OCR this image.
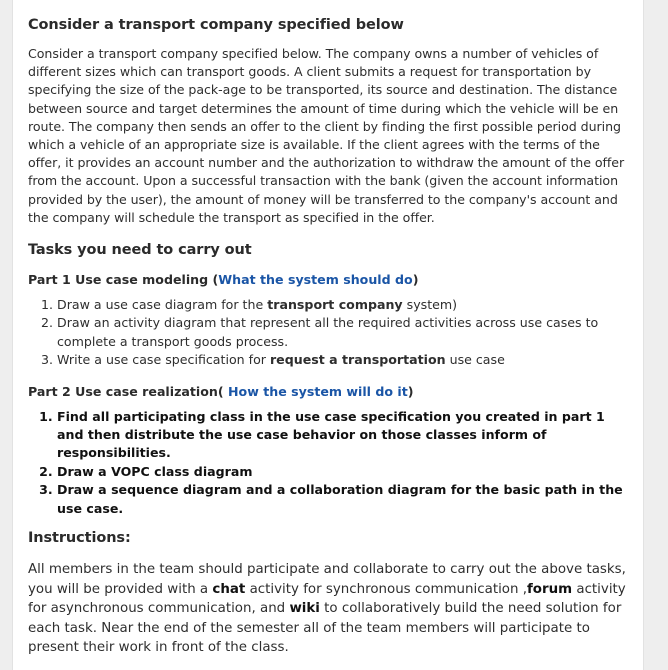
Consider a transport company specified below

Consider a transport company specified below. The company owns a number of vehicles of different sizes which can transport goods. A client submits a request for transportation by specifying the size of the pack-age to be transported, its source and destination. The distance between source and target determines the amount of time during which the vehicle will be en route. The company then sends an offer to the client by finding the first possible period during which a vehicle of an appropriate size is available. If the client agrees with the terms of the offer, it provides an account number and the authorization to withdraw the amount of the offer from the account. Upon a successful transaction with the bank (given the account information provided by the user), the amount of money will be transferred to the company's account and the company will schedule the transport as specified in the offer.

Tasks you need to carry out

Part 1 Use case modeling (What the system should do)

1. Draw a use case diagram for the transport company system)
2. Draw an activity diagram that represent all the required activities across use cases to complete a transport goods process.
3. Write a use case specification for request a transportation use case

Part 2 Use case realization( How the system will do it)

1. Find all participating class in the use case specification you created in part 1 and then distribute the use case behavior on those classes inform of responsibilities.
2. Draw a VOPC class diagram
3. Draw a sequence diagram and a collaboration diagram for the basic path in the use case.
Instructions:

All members in the team should participate and collaborate to carry out the above tasks, you will be provided with a chat activity for synchronous communication ,forum activity for asynchronous communication, and wiki to collaboratively build the need solution for each task. Near the end of the semester all of the team members will participate to present their work in front of the class.
